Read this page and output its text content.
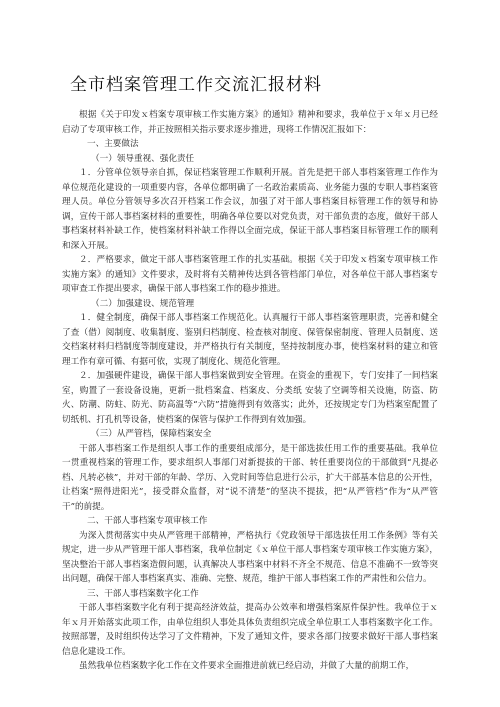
全市档案管理工作交流汇报材料

根据《关于印发ｘ档案专项审核工作实施方案》的通知》精神和要求，我单位于ｘ年ｘ月已经启动了专项审核工作，并正按照相关指示要求逐步推进，现将工作情况汇报如下：

一、主要做法

（一）领导重视、强化责任

１．分管单位领导亲自抓，保证档案管理工作顺利开展。首先是把干部人事档案管理工作作为单位规范化建设的一项重要内容，各单位都明确了一名政治素质高、业务能力强的专职人事档案管理人员。单位分管领导多次召开档案工作会议，加强了对干部人事档案目标管理工作的领导和协调，宣传干部人事档案材料的重要性，明确各单位要以对党负责，对干部负责的态度，做好干部人事档案材料补缺工作，使档案材料补缺工作得以全面完成，保证干部人事档案目标管理工作的顺利和深入开展。

２．严格要求，做定干部人事档案管理工作的扎实基础。根据《关于印发ｘ档案专项审核工作实施方案》的通知》文件要求，及时将有关精神传达到各管档部门单位，对各单位干部人事档案专项审查工作提出要求，确保干部人事档案工作的稳步推进。

（二）加强建设、规范管理

１．健全制度，确保干部人事档案工作规范化。认真履行干部人事档案管理职责，完善和健全了查（借）阅制度、收集制度、鉴别归档制度、检查核对制度、保管保密制度、管理人员制度、送交档案材料归档制度等制度建设，并严格执行有关制度，坚持按制度办事，使档案材料的建立和管理工作有章可循、有据可依，实现了制度化、规范化管理。

２．加强硬件建设，确保干部人事档案做到安全管理。在资金的重视下，专门安排了一间档案室，购置了一套设备设施，更新一批档案盒、档案皮、分类纸 安装了空调等相关设施，防盗、防火、防潮、防蛀、防光、防高温等“六防”措施得到有效落实；此外，还按规定专门为档案室配置了切纸机、打孔机等设备，使档案的保管与保护工作得到有效加强。

（三）从严管档，保障档案安全

干部人事档案工作是组织人事工作的重要组成部分，是干部选拔任用工作的重要基础。我单位一贯重视档案的管理工作，要求组织人事部门对新提拔的干部、转任重要岗位的干部做到“凡提必档、凡转必核”，并对干部的年龄、学历、入党时间等信息进行公示，扩大干部基本信息的公开性，让档案“照得进阳光”，接受群众监督，对“说不清楚”的坚决不提拔，把“从严管档”作为“从严管干”的前提。

二、干部人事档案专项审核工作

为深入贯彻落实中央从严管理干部精神，严格执行《党政领导干部选拔任用工作条例》等有关规定，进一步从严管理干部人事档案，我单位制定《ｘ单位干部人事档案专项审核工作实施方案》，坚决整治干部人事档案造假问题，认真解决人事档案中材料不齐全不规范、信息不准确不一致等突出问题，确保干部人事档案真实、准确、完整、规范，维护干部人事档案工作的严肃性和公信力。

三、干部人事档案数字化工作

干部人事档案数字化有利于提高经济效益，提高办公效率和增强档案原件保护性。我单位于ｘ年ｘ月开始落实此项工作，由单位组织人事处具体负责组织完成全单位职工人事档案数字化工作。按照部署，及时组织传达学习了文件精神，下发了通知文件，要求各部门按要求做好干部人事档案信息化建设工作。

虽然我单位档案数字化工作在文件要求全面推进前就已经启动，并做了大量的前期工作，
